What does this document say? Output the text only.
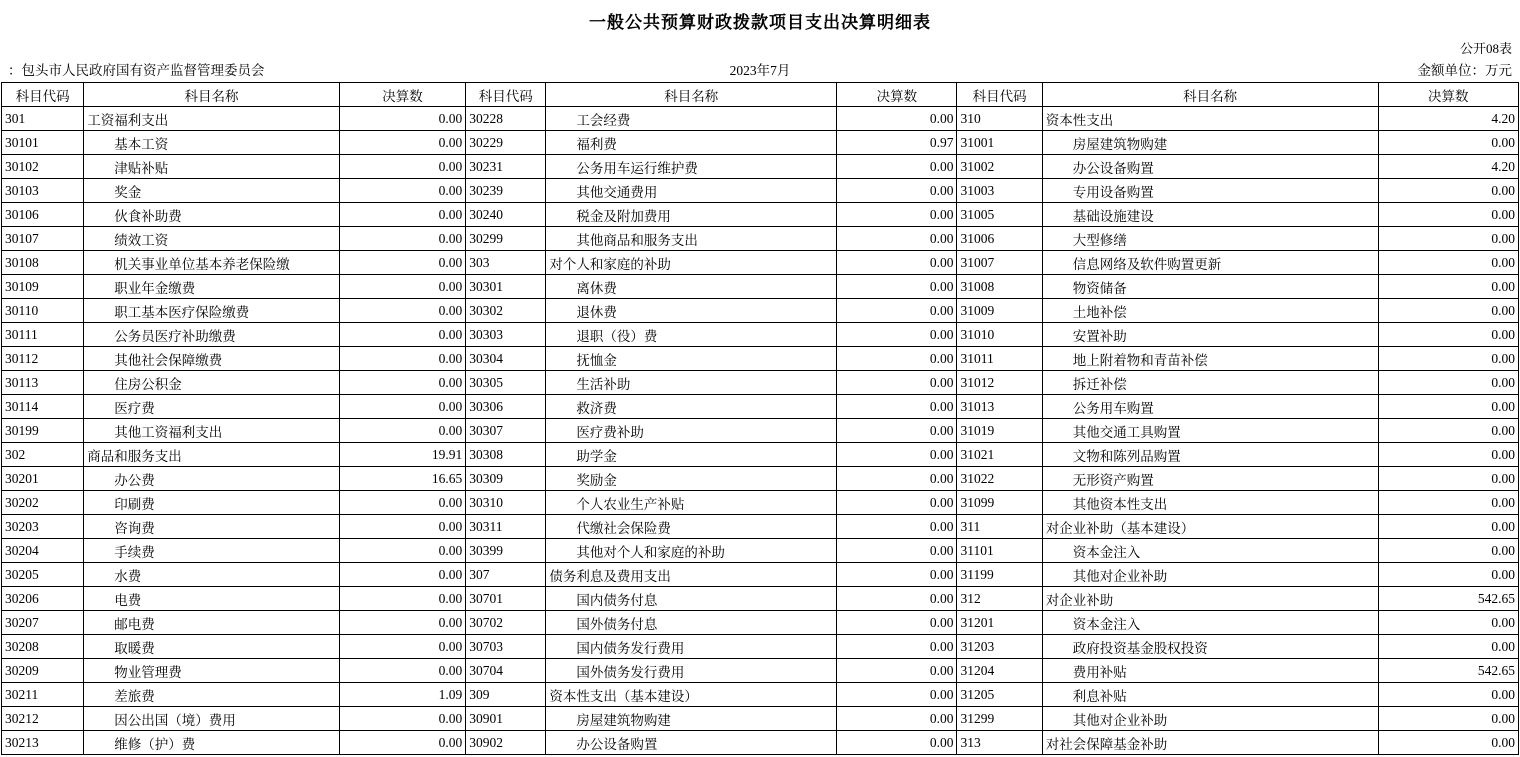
一般公共预算财政拨款项目支出决算明细表
公开08表
：包头市人民政府国有资产监督管理委员会	2023年7月	金额单位：万元
科目代码	科目名称	决算数	科目代码	科目名称	决算数	科目代码	科目名称	决算数
301	工资福利支出	0.00	30228	工会经费	0.00	310	资本性支出	4.20
30101	基本工资	0.00	30229	福利费	0.97	31001	房屋建筑物购建	0.00
30102	津贴补贴	0.00	30231	公务用车运行维护费	0.00	31002	办公设备购置	4.20
30103	奖金	0.00	30239	其他交通费用	0.00	31003	专用设备购置	0.00
30106	伙食补助费	0.00	30240	税金及附加费用	0.00	31005	基础设施建设	0.00
30107	绩效工资	0.00	30299	其他商品和服务支出	0.00	31006	大型修缮	0.00
30108	机关事业单位基本养老保险缴	0.00	303	对个人和家庭的补助	0.00	31007	信息网络及软件购置更新	0.00
30109	职业年金缴费	0.00	30301	离休费	0.00	31008	物资储备	0.00
30110	职工基本医疗保险缴费	0.00	30302	退休费	0.00	31009	土地补偿	0.00
30111	公务员医疗补助缴费	0.00	30303	退职（役）费	0.00	31010	安置补助	0.00
30112	其他社会保障缴费	0.00	30304	抚恤金	0.00	31011	地上附着物和青苗补偿	0.00
30113	住房公积金	0.00	30305	生活补助	0.00	31012	拆迁补偿	0.00
30114	医疗费	0.00	30306	救济费	0.00	31013	公务用车购置	0.00
30199	其他工资福利支出	0.00	30307	医疗费补助	0.00	31019	其他交通工具购置	0.00
302	商品和服务支出	19.91	30308	助学金	0.00	31021	文物和陈列品购置	0.00
30201	办公费	16.65	30309	奖励金	0.00	31022	无形资产购置	0.00
30202	印刷费	0.00	30310	个人农业生产补贴	0.00	31099	其他资本性支出	0.00
30203	咨询费	0.00	30311	代缴社会保险费	0.00	311	对企业补助（基本建设）	0.00
30204	手续费	0.00	30399	其他对个人和家庭的补助	0.00	31101	资本金注入	0.00
30205	水费	0.00	307	债务利息及费用支出	0.00	31199	其他对企业补助	0.00
30206	电费	0.00	30701	国内债务付息	0.00	312	对企业补助	542.65
30207	邮电费	0.00	30702	国外债务付息	0.00	31201	资本金注入	0.00
30208	取暖费	0.00	30703	国内债务发行费用	0.00	31203	政府投资基金股权投资	0.00
30209	物业管理费	0.00	30704	国外债务发行费用	0.00	31204	费用补贴	542.65
30211	差旅费	1.09	309	资本性支出（基本建设）	0.00	31205	利息补贴	0.00
30212	因公出国（境）费用	0.00	30901	房屋建筑物购建	0.00	31299	其他对企业补助	0.00
30213	维修（护）费	0.00	30902	办公设备购置	0.00	313	对社会保障基金补助	0.00
